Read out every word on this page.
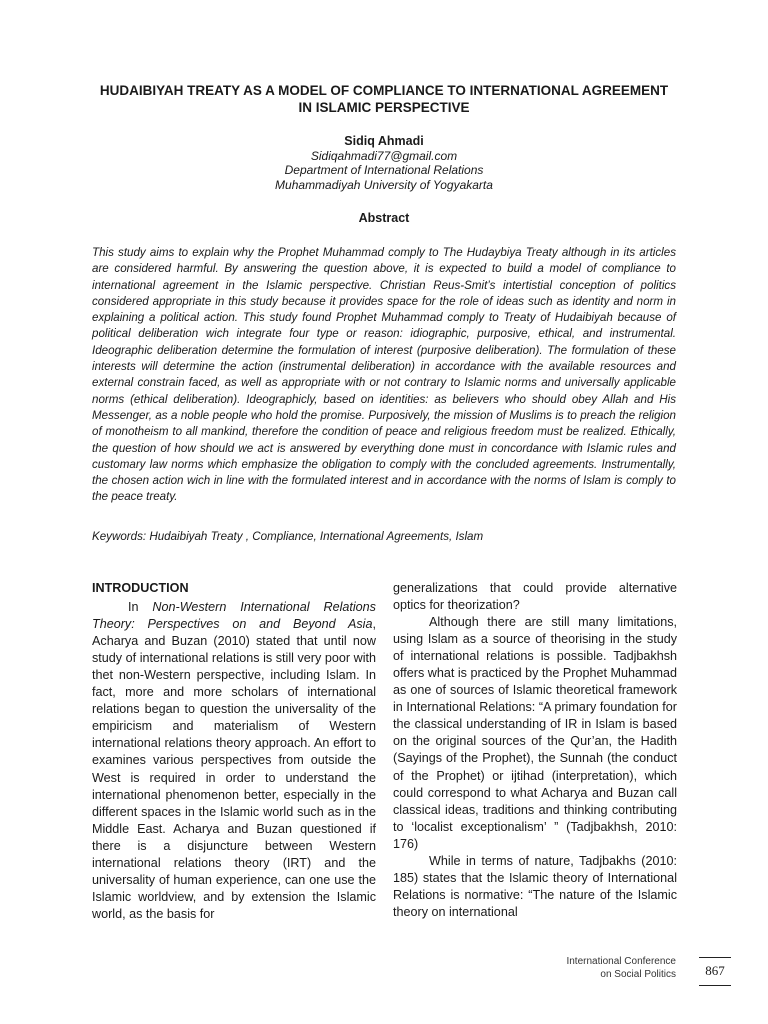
HUDAIBIYAH TREATY AS A MODEL OF COMPLIANCE TO INTERNATIONAL AGREEMENT IN ISLAMIC PERSPECTIVE
Sidiq Ahmadi
Sidiqahmadi77@gmail.com
Department of International Relations
Muhammadiyah University of Yogyakarta
Abstract

This study aims to explain why the Prophet Muhammad comply to The Hudaybiya Treaty although in its articles are considered harmful. By answering the question above, it is expected to build a model of compliance to international agreement in the Islamic perspective. Christian Reus-Smit’s intertistial conception of politics considered appropriate in this study because it provides space for the role of ideas such as identity and norm in explaining a political action. This study found Prophet Muhammad comply to Treaty of Hudaibiyah because of political deliberation wich integrate four type or reason: idiographic, purposive, ethical, and instrumental. Ideographic deliberation determine the formulation of interest (purposive deliberation). The formulation of these interests will determine the action (instrumental deliberation) in accordance with the available resources and external constrain faced, as well as appropriate with or not contrary to Islamic norms and universally applicable norms (ethical deliberation). Ideographicly, based on identities: as believers who should obey Allah and His Messenger, as a noble people who hold the promise. Purposively, the mission of Muslims is to preach the religion of monotheism to all mankind, therefore the condition of peace and religious freedom must be realized. Ethically, the question of how should we act is answered by everything done must in concordance with Islamic rules and customary law norms which emphasize the obligation to comply with the concluded agreements. Instrumentally, the chosen action wich in line with the formulated interest and in accordance with the norms of Islam is comply to the peace treaty.

Keywords: Hudaibiyah Treaty , Compliance, International Agreements, Islam

INTRODUCTION

In Non-Western International Relations Theory: Perspectives on and Beyond Asia, Acharya and Buzan (2010) stated that until now study of international relations is still very poor with thet non-Western perspective, including Islam. In fact, more and more scholars of international relations began to question the universality of the empiricism and materialism of Western international relations theory approach. An effort to examines various perspectives from outside the West is required in order to understand the international phenomenon better, especially in the different spaces in the Islamic world such as in the Middle East. Acharya and Buzan questioned if there is a disjuncture between Western international relations theory (IRT) and the universality of human experience, can one use the Islamic worldview, and by extension the Islamic world, as the basis for

generalizations that could provide alternative optics for theorization?

Although there are still many limitations, using Islam as a source of theorising in the study of international relations is possible. Tadjbakhsh offers what is practiced by the Prophet Muhammad as one of sources of Islamic theoretical framework in International Relations: “A primary foundation for the classical understanding of IR in Islam is based on the original sources of the Qur’an, the Hadith (Sayings of the Prophet), the Sunnah (the conduct of the Prophet) or ijtihad (interpretation), which could correspond to what Acharya and Buzan call classical ideas, traditions and thinking contributing to ‘localist exceptionalism’ ” (Tadjbakhsh, 2010: 176)

While in terms of nature, Tadjbakhs (2010: 185) states that the Islamic theory of International Relations is normative: “The nature of the Islamic theory on international

International Conference
on Social Politics	867
